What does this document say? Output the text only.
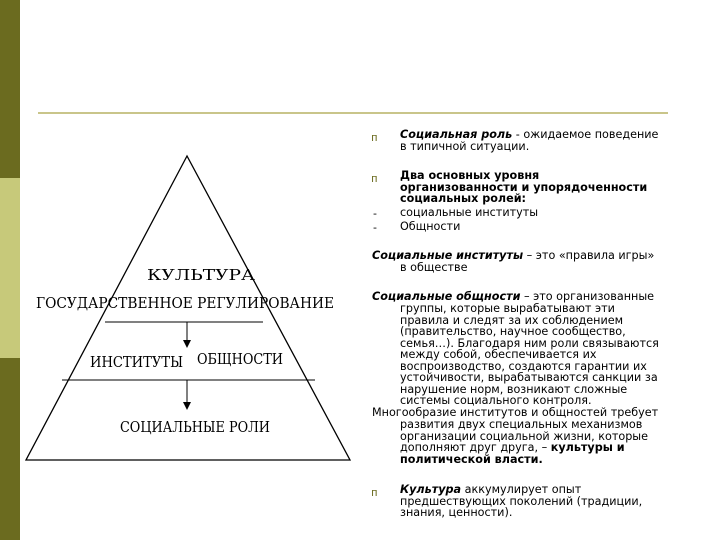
КУЛЬТУРА
ГОСУДАРСТВЕННОЕ РЕГУЛИРОВАНИЕ
ИНСТИТУТЫ ОБЩНОСТИ
СОЦИАЛЬНЫЕ РОЛИ
п Социальная роль - ожидаемое поведение
в типичной ситуации.
п Два основных уровня
организованности и упорядоченности
социальных ролей:
- социальные институты
- Общности
Социальные институты – это «правила игры»
в обществе
Социальные общности – это организованные
группы, которые вырабатывают эти
правила и следят за их соблюдением
(правительство, научное сообщество,
семья…). Благодаря ним роли связываются
между собой, обеспечивается их
воспроизводство, создаются гарантии их
устойчивости, вырабатываются санкции за
нарушение норм, возникают сложные
системы социального контроля.
Многообразие институтов и общностей требует
развития двух специальных механизмов
организации социальной жизни, которые
дополняют друг друга, – культуры и
политической власти.
п Культура аккумулирует опыт
предшествующих поколений (традиции,
знания, ценности).
